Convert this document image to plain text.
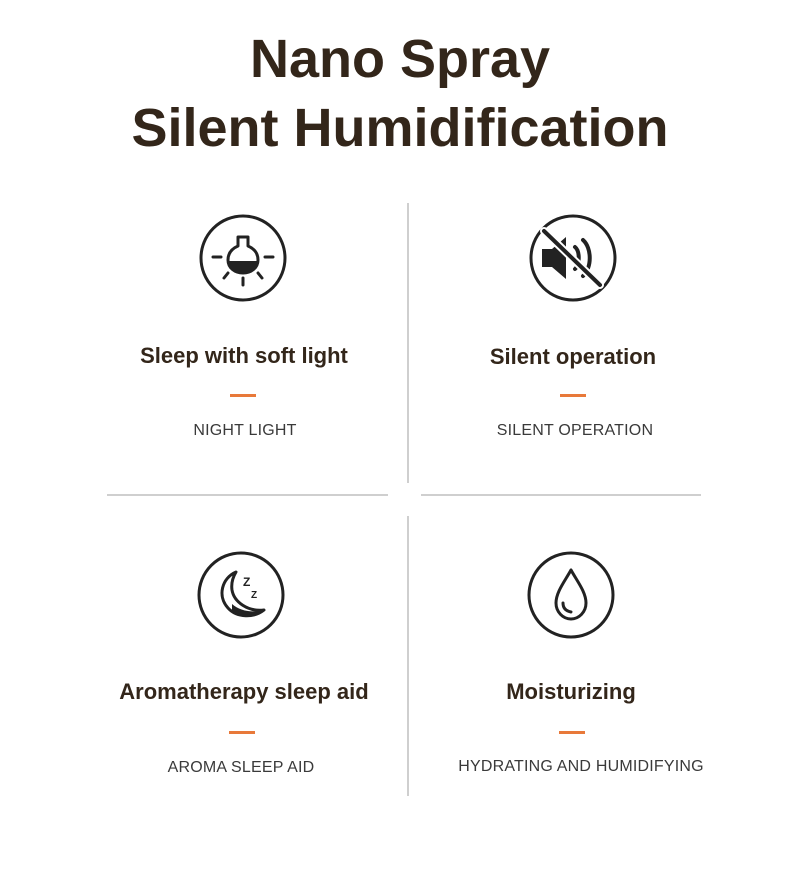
Nano Spray
Silent Humidification
Sleep with soft light
NIGHT LIGHT
Silent operation
SILENT OPERATION
Z
Z
Aromatherapy sleep aid
AROMA SLEEP AID
Moisturizing
HYDRATING AND HUMIDIFYING
